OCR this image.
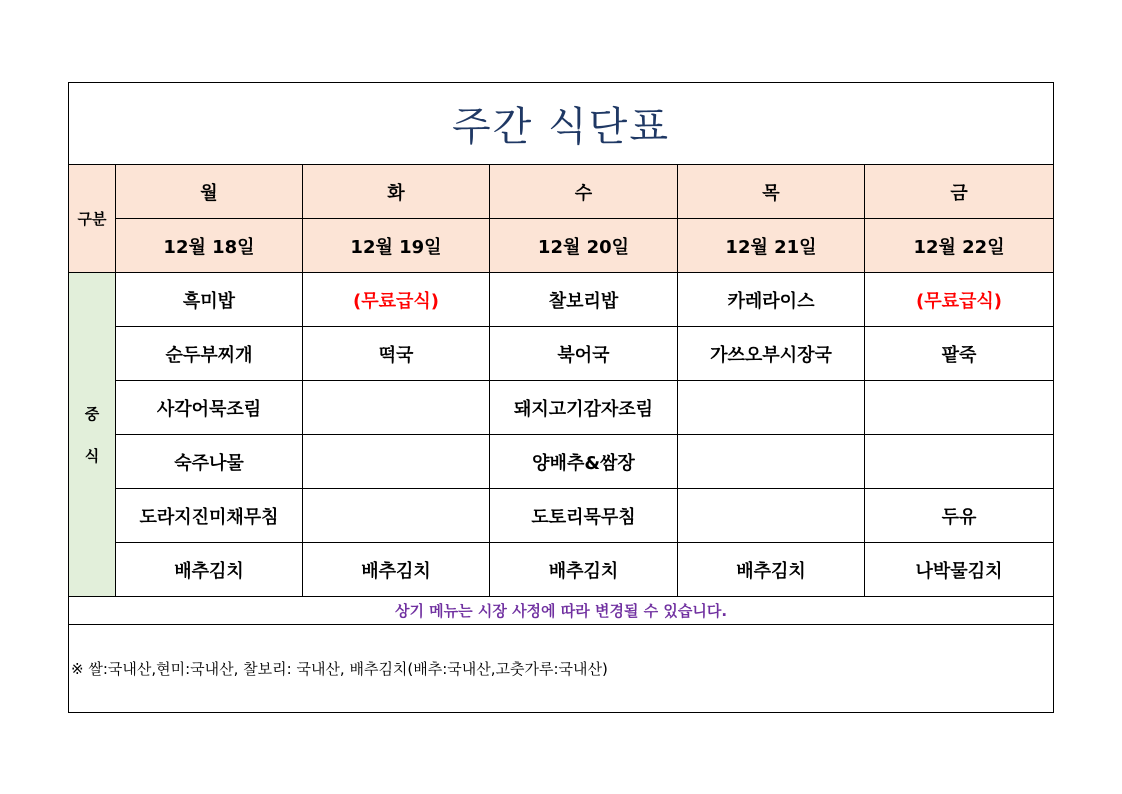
주간 식단표					
구분	월	화	수	목	금
	12월 18일	12월 19일	12월 20일	12월 21일	12월 22일

중
식	흑미밥	(무료급식)	찰보리밥	카레라이스	(무료급식)
	순두부찌개	떡국	북어국	가쓰오부시장국	팥죽
	사각어묵조림		돼지고기감자조림		
	숙주나물		양배추&쌈장		
	도라지진미채무침		도토리묵무침		두유
	배추김치	배추김치	배추김치	배추김치	나박물김치
상기 메뉴는 시장 사정에 따라 변경될 수 있습니다.					
※ 쌀:국내산,현미:국내산, 찰보리: 국내산, 배추김치(배추:국내산,고춧가루:국내산)					
